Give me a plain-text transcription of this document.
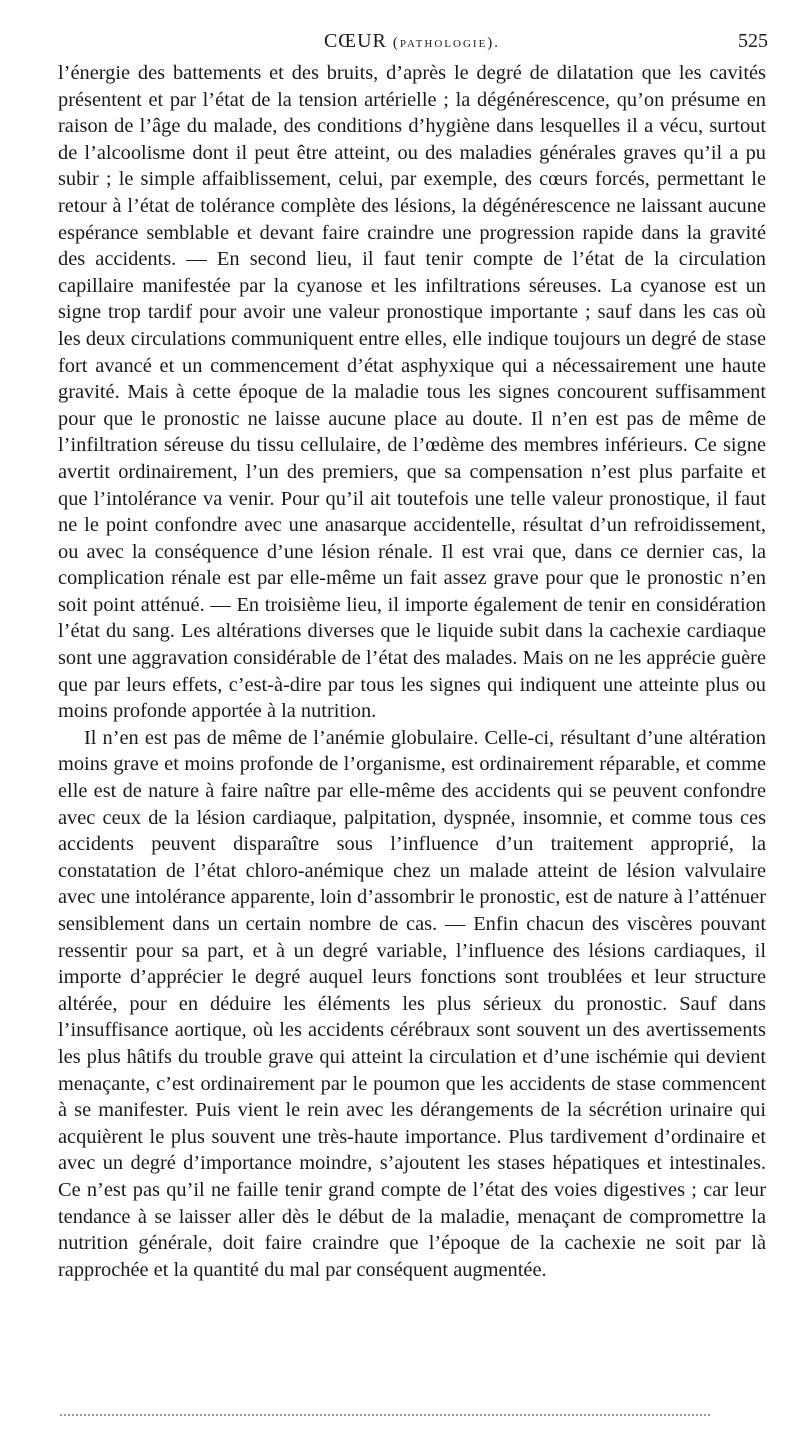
CŒUR (pathologie).	525

l’énergie des battements et des bruits, d’après le degré de dilatation que les cavités présentent et par l’état de la tension artérielle ; la dégénérescence, qu’on présume en raison de l’âge du malade, des conditions d’hygiène dans lesquelles il a vécu, surtout de l’alcoolisme dont il peut être atteint, ou des maladies générales graves qu’il a pu subir ; le simple affaiblissement, celui, par exemple, des cœurs forcés, permettant le retour à l’état de tolérance complète des lésions, la dégénérescence ne laissant aucune espérance semblable et devant faire craindre une progression rapide dans la gravité des accidents. — En second lieu, il faut tenir compte de l’état de la circulation capillaire manifestée par la cyanose et les infiltrations séreuses. La cyanose est un signe trop tardif pour avoir une valeur pronostique importante ; sauf dans les cas où les deux circulations communiquent entre elles, elle indique toujours un degré de stase fort avancé et un commencement d’état asphyxique qui a nécessairement une haute gravité. Mais à cette époque de la maladie tous les signes concourent suffisamment pour que le pronostic ne laisse aucune place au doute. Il n’en est pas de même de l’infiltration séreuse du tissu cellulaire, de l’œdème des membres inférieurs. Ce signe avertit ordinairement, l’un des premiers, que sa compensation n’est plus parfaite et que l’intolérance va venir. Pour qu’il ait toutefois une telle valeur pronostique, il faut ne le point confondre avec une anasarque accidentelle, résultat d’un refroidissement, ou avec la conséquence d’une lésion rénale. Il est vrai que, dans ce dernier cas, la complication rénale est par elle-même un fait assez grave pour que le pronostic n’en soit point atténué. — En troisième lieu, il importe également de tenir en considération l’état du sang. Les altérations diverses que le liquide subit dans la cachexie cardiaque sont une aggravation considérable de l’état des malades. Mais on ne les apprécie guère que par leurs effets, c’est-à-dire par tous les signes qui indiquent une atteinte plus ou moins profonde apportée à la nutrition.

Il n’en est pas de même de l’anémie globulaire. Celle-ci, résultant d’une altération moins grave et moins profonde de l’organisme, est ordinairement réparable, et comme elle est de nature à faire naître par elle-même des accidents qui se peuvent confondre avec ceux de la lésion cardiaque, palpitation, dyspnée, insomnie, et comme tous ces accidents peuvent disparaître sous l’influence d’un traitement approprié, la constatation de l’état chloro-anémique chez un malade atteint de lésion valvulaire avec une intolérance apparente, loin d’assombrir le pronostic, est de nature à l’atténuer sensiblement dans un certain nombre de cas. — Enfin chacun des viscères pouvant ressentir pour sa part, et à un degré variable, l’influence des lésions cardiaques, il importe d’apprécier le degré auquel leurs fonctions sont troublées et leur structure altérée, pour en déduire les éléments les plus sérieux du pronostic. Sauf dans l’insuffisance aortique, où les accidents cérébraux sont souvent un des avertissements les plus hâtifs du trouble grave qui atteint la circulation et d’une ischémie qui devient menaçante, c’est ordinairement par le poumon que les accidents de stase commencent à se manifester. Puis vient le rein avec les dérangements de la sécrétion urinaire qui acquièrent le plus souvent une très-haute importance. Plus tardivement d’ordinaire et avec un degré d’importance moindre, s’ajoutent les stases hépatiques et intestinales. Ce n’est pas qu’il ne faille tenir grand compte de l’état des voies digestives ; car leur tendance à se laisser aller dès le début de la maladie, menaçant de compromettre la nutrition générale, doit faire craindre que l’époque de la cachexie ne soit par là rapprochée et la quantité du mal par conséquent augmentée.
